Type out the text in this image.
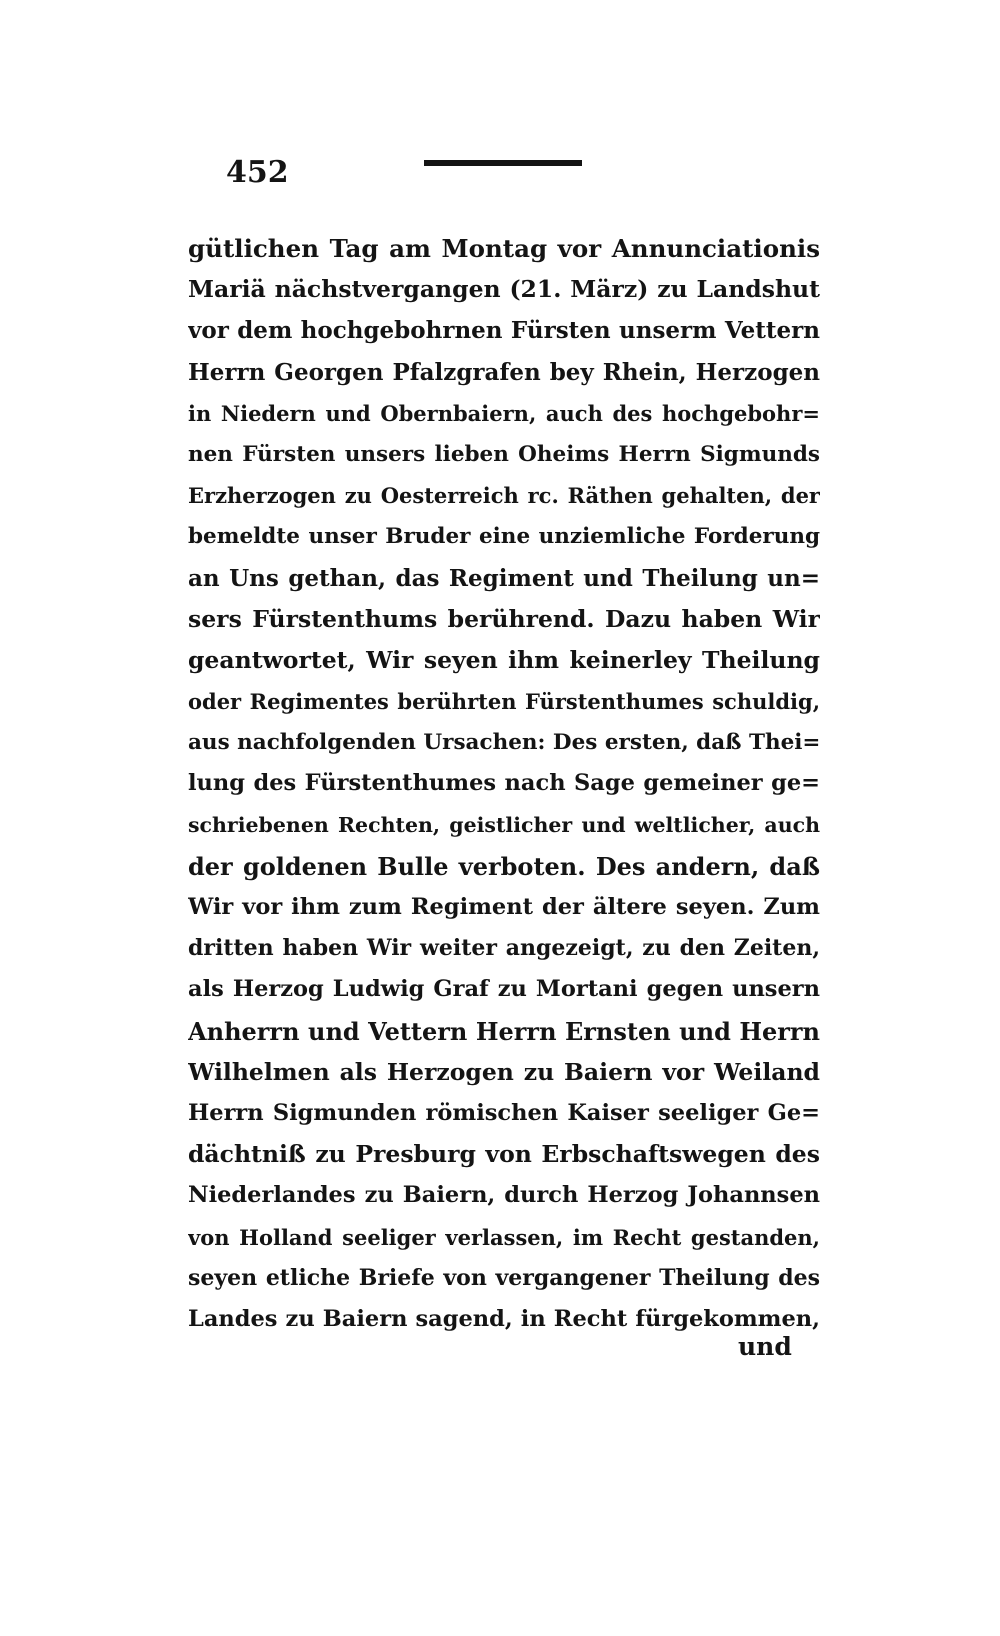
452
gütlichen Tag am Montag vor Annunciationis
Mariä nächstvergangen (21. März) zu Landshut
vor dem hochgebohrnen Fürsten unserm Vettern
Herrn Georgen Pfalzgrafen bey Rhein, Herzogen
in Niedern und Obernbaiern, auch des hochgebohr=
nen Fürsten unsers lieben Oheims Herrn Sigmunds
Erzherzogen zu Oesterreich rc. Räthen gehalten, der
bemeldte unser Bruder eine unziemliche Forderung
an Uns gethan, das Regiment und Theilung un=
sers Fürstenthums berührend. Dazu haben Wir
geantwortet, Wir seyen ihm keinerley Theilung
oder Regimentes berührten Fürstenthumes schuldig,
aus nachfolgenden Ursachen: Des ersten, daß Thei=
lung des Fürstenthumes nach Sage gemeiner ge=
schriebenen Rechten, geistlicher und weltlicher, auch
der goldenen Bulle verboten. Des andern, daß
Wir vor ihm zum Regiment der ältere seyen. Zum
dritten haben Wir weiter angezeigt, zu den Zeiten,
als Herzog Ludwig Graf zu Mortani gegen unsern
Anherrn und Vettern Herrn Ernsten und Herrn
Wilhelmen als Herzogen zu Baiern vor Weiland
Herrn Sigmunden römischen Kaiser seeliger Ge=
dächtniß zu Presburg von Erbschaftswegen des
Niederlandes zu Baiern, durch Herzog Johannsen
von Holland seeliger verlassen, im Recht gestanden,
seyen etliche Briefe von vergangener Theilung des
Landes zu Baiern sagend, in Recht fürgekommen,
und
